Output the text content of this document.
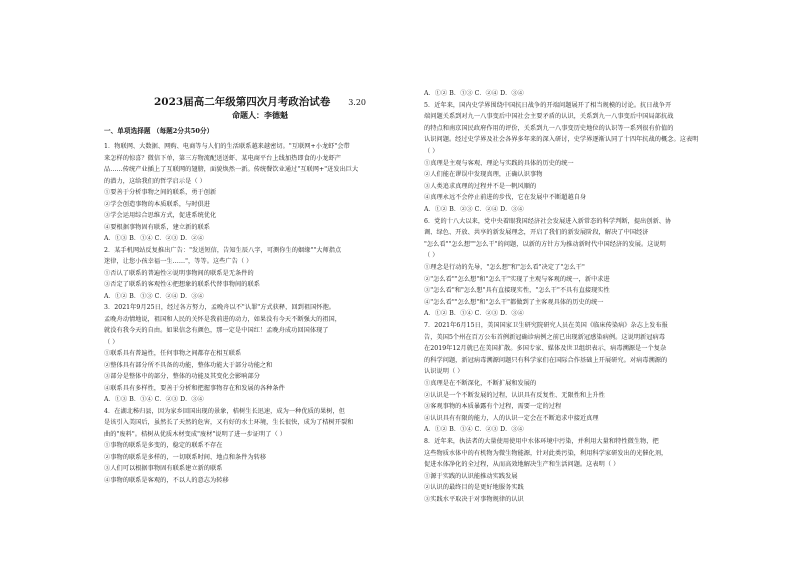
2023届高二年级第四次月考政治试卷 3.20
命题人：李德魁
一、单项选择题 （每题2分共50分）
1．物联网、大数据、网购、电商等与人们的生活联系越来越密切。"互联网+小龙虾"会带
来怎样的惊喜？微信下单，第三方物流配送送虾、某电商平台上线加热即食的小龙虾产
品……传统产业插上了互联网的翅膀，面貌焕然一新。传统餐饮业通过"互联网+"迸发出巨大
的潜力，这给我们的哲学启示是（ ）
①要善于分析事物之间的联系，勇于创新
②学会创造事物的本质联系，与时俱进
③学会运用综合思维方式，促进系统优化
④要根据事物固有联系，建立新的联系
A．①③ B．①④ C．②③ D．②④
2．某手机网站反复推出广告："发送短信，告知生辰八字，可测你生的姻缘""大师指点
迷律，让您小孩幸福一生……"，等等。这些广告（ ）
①否认了联系的普遍性②说明事物间的联系是无条件的
③否定了联系的客观性④把想象的联系代替事物间的联系
A．①② B．①③ C．②④ D．③④
3．2021年9月25日，经过各方努力，孟晚舟以不"认罪"方式获释，回到祖国怀抱。
孟晚舟动情地说，祖国和人民的关怀是我前进的动力，如果没有今天不断强大的祖国，
就没有我今天的自由。如果信念有颜色，那一定是中国红！孟晚舟成功回国体现了
（ ）
①联系具有普遍性，任何事物之间都存在相互联系
②整体具有部分所不具备的功能，整体功能大于部分功能之和
③部分是整体中的部分，整体的功能及其变化会影响部分
④联系具有多样性，要善于分析和把握事物存在和发展的各种条件
A．①③ B．①④ C．②③ D．③④
4．在湖北秭归县，因为家乡回国出现的景象，桔树生长迅速，成为一种优质的果树，但
是该引入美国后，虽然长了天然的危害，又有好的水土环境，生长很快，成为了桔树开裂和
曲的"废料"。桔树从优质木材变成"废材"说明了进一步证明了（ ）
①事物的联系是多变的，稳定的联系不存在
②事物的联系是多样的，一切联系时间、地点和条件为转移
③人们可以根据事物固有联系建立新的联系
④事物的联系是客观的，不以人的意志为转移
A．①② B．①③ C．②④ D．③④
5．近年来，国内史学界围绕中国抗日战争的开端问题展开了相当规模的讨论。抗日战争开
端问题关系到对九一八事变后中国社会主要矛盾的认识，关系到九一八事变后中国局部抗战
的特点和南京国民政府作用的评价，关系到九一八事变历史地位的认识等一系列很有价值的
认识问题。经过史学界及社会各界多年来的深入研讨，史学界逐渐认同了十四年抗战的概念。这表明
（ ）
①真理是主观与客观、理论与实践的具体的历史的统一
②人们能在谬误中发现真理，正确认识事物
③人类追求真理的过程并不是一帆风顺的
④真理永远不会停止前进的步伐，它在发展中不断超越自身
A．①② B．②③ C．②④ D．③④
6．党的十八大以来，党中央着眼我国经济社会发展进入新常态的科学判断，提出创新、协
调、绿色、开放、共享的新发展理念，开启了我们的新发展阶段，解决了中国经济
"怎么看""怎么想""怎么干"的问题，以新的方针方为推动新时代中国经济的发展。这说明
（ ）
①理念是行动的先导，"怎么想"和"怎么看"决定了"怎么干"
②"怎么看""怎么想"和"怎么干"实现了主观与客观的统一，新中求进
③"怎么看"和"怎么想"具有直接现实性，"怎么干"不具有直接现实性
④"怎么看""怎么想"和"怎么干"都做到了主客观具体的历史的统一
A．①② B．①④ C．②③ D．③④
7．2021年6月15日，美国国家卫生研究院研究人员在美国《临床传染病》杂志上发布报
告，美国5个州在百万公布首例新冠确诊病例之前已出现新冠感染病例。这说明新冠病毒
在2019年12月就已在美国扩散。多国专家、媒体及世卫组织表示，病毒溯源是一个复杂
的科学问题，新冠病毒溯源问题只有科学家们在国际合作基础上开展研究。对病毒溯源的
认识说明（ ）
①真理是在不断深化，不断扩展和发展的
②认识是一个不断发展的过程，认识具有反复性、无限性和上升性
③客观事物的本质暴露有个过程，需要一定的过程
④认识具有有限的能力，人的认识一定会在不断追求中接近真理
A．①② B．①④ C．②③ D．③④
8．近年来，执法者的大量使用使用中水体环境中污染，并利用大量和特性微生物，把
这些物质水体中的有机物为微生物能源，针对此类污染，利用科学家研发出的光催化剂，
促进水体净化的全过程，从而高效地解决生产和生活问题。这表明（ ）
①源于实践的认识能推动实践发展
②认识的最终目的是更好地服务实践
③实践水平取决于对事物规律的认识
